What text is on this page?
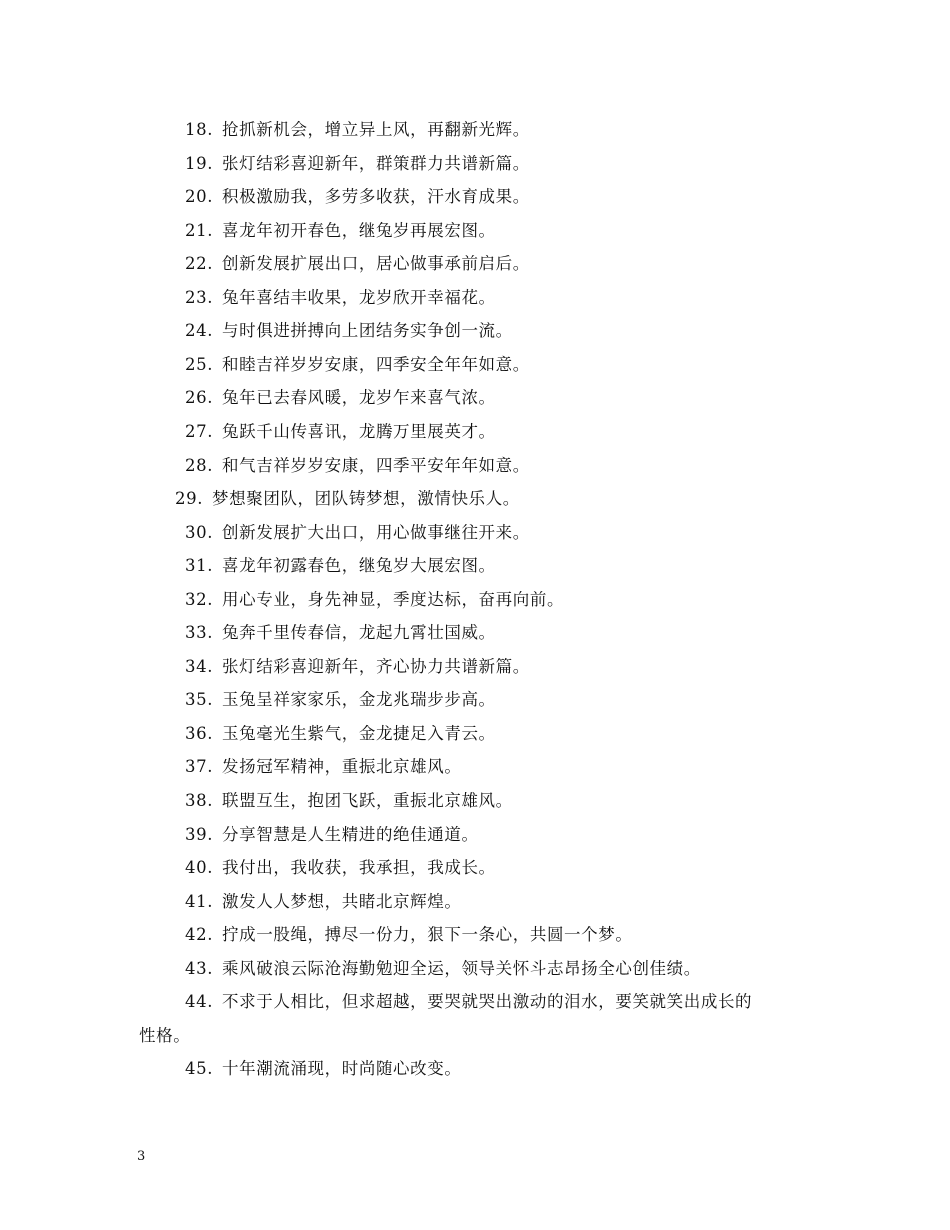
18. 抢抓新机会，增立异上风，再翻新光辉。
19. 张灯结彩喜迎新年，群策群力共谱新篇。
20. 积极激励我，多劳多收获，汗水育成果。
21. 喜龙年初开春色，继兔岁再展宏图。
22. 创新发展扩展出口，居心做事承前启后。
23. 兔年喜结丰收果，龙岁欣开幸福花。
24. 与时俱进拼搏向上团结务实争创一流。
25. 和睦吉祥岁岁安康，四季安全年年如意。
26. 兔年已去春风暖，龙岁乍来喜气浓。
27. 兔跃千山传喜讯，龙腾万里展英才。
28. 和气吉祥岁岁安康，四季平安年年如意。
29. 梦想聚团队，团队铸梦想，激情快乐人。
30. 创新发展扩大出口，用心做事继往开来。
31. 喜龙年初露春色，继兔岁大展宏图。
32. 用心专业，身先神显，季度达标，奋再向前。
33. 兔奔千里传春信，龙起九霄壮国威。
34. 张灯结彩喜迎新年，齐心协力共谱新篇。
35. 玉兔呈祥家家乐，金龙兆瑞步步高。
36. 玉兔毫光生紫气，金龙捷足入青云。
37. 发扬冠军精神，重振北京雄风。
38. 联盟互生，抱团飞跃，重振北京雄风。
39. 分享智慧是人生精进的绝佳通道。
40. 我付出，我收获，我承担，我成长。
41. 激发人人梦想，共睹北京辉煌。
42. 拧成一股绳，搏尽一份力，狠下一条心，共圆一个梦。
43. 乘风破浪云际沧海勤勉迎全运，领导关怀斗志昂扬全心创佳绩。
44. 不求于人相比，但求超越，要哭就哭出激动的泪水，要笑就笑出成长的
性格。
45. 十年潮流涌现，时尚随心改变。
3
